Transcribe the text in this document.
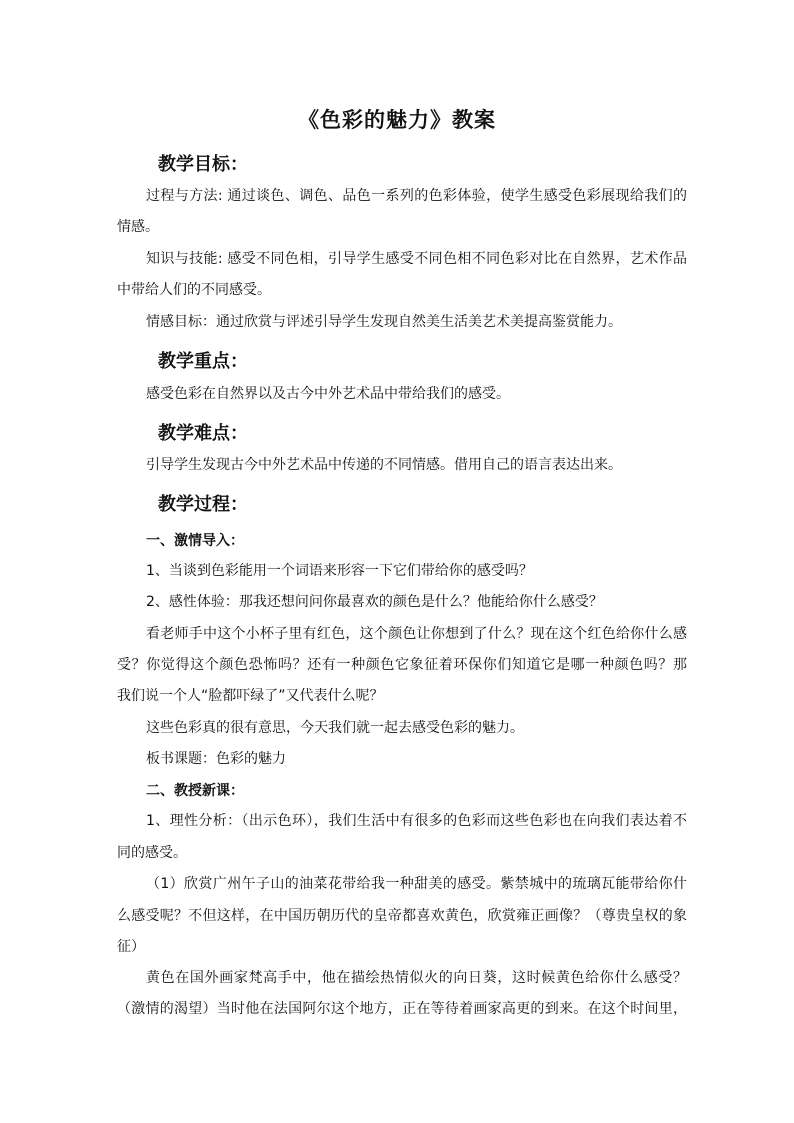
《色彩的魅力》教案
教学目标：
过程与方法: 通过谈色、调色、品色一系列的色彩体验，使学生感受色彩展现给我们的
情感。
知识与技能: 感受不同色相，引导学生感受不同色相不同色彩对比在自然界，艺术作品
中带给人们的不同感受。
情感目标：通过欣赏与评述引导学生发现自然美生活美艺术美提高鉴赏能力。
教学重点：
感受色彩在自然界以及古今中外艺术品中带给我们的感受。
教学难点：
引导学生发现古今中外艺术品中传递的不同情感。借用自己的语言表达出来。
教学过程：
一、激情导入：
1、当谈到色彩能用一个词语来形容一下它们带给你的感受吗？
2、感性体验：那我还想问问你最喜欢的颜色是什么？他能给你什么感受？
看老师手中这个小杯子里有红色，这个颜色让你想到了什么？现在这个红色给你什么感
受？你觉得这个颜色恐怖吗？还有一种颜色它象征着环保你们知道它是哪一种颜色吗？那
我们说一个人“脸都吓绿了”又代表什么呢？
这些色彩真的很有意思，今天我们就一起去感受色彩的魅力。
板书课题：色彩的魅力
二、教授新课：
1、理性分析：（出示色环），我们生活中有很多的色彩而这些色彩也在向我们表达着不
同的感受。
（1）欣赏广州午子山的油菜花带给我一种甜美的感受。紫禁城中的琉璃瓦能带给你什
么感受呢？不但这样，在中国历朝历代的皇帝都喜欢黄色，欣赏雍正画像？（尊贵皇权的象
征）
黄色在国外画家梵高手中，他在描绘热情似火的向日葵，这时候黄色给你什么感受？
（激情的渴望）当时他在法国阿尔这个地方，正在等待着画家高更的到来。在这个时间里，
